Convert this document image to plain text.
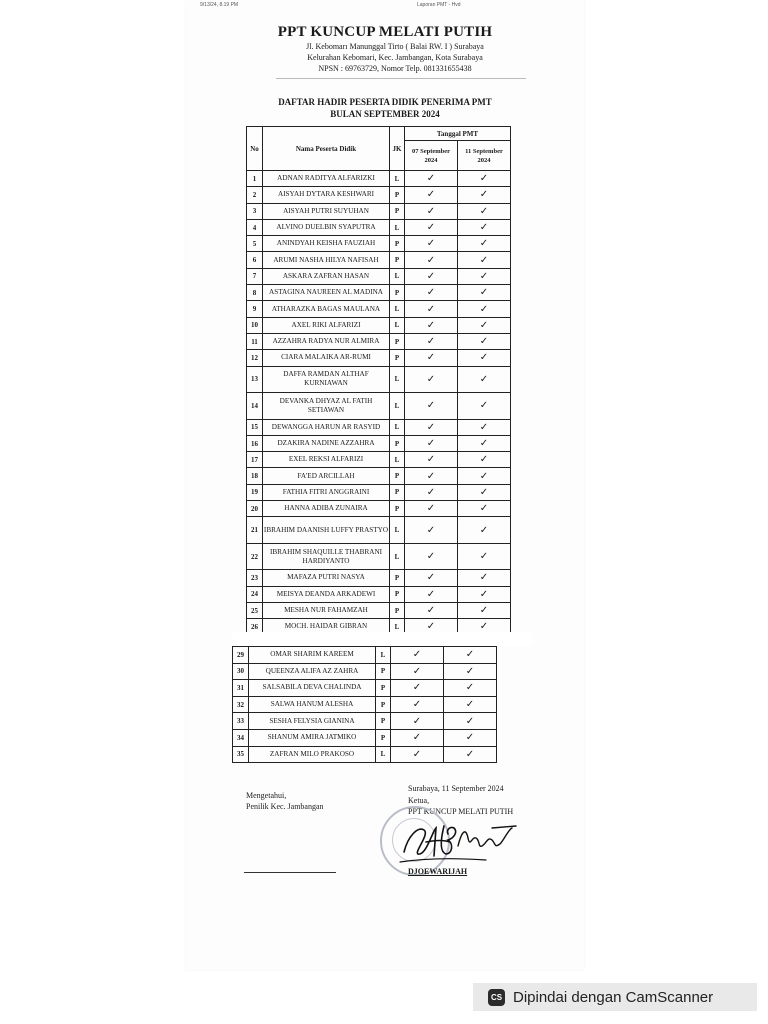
9/13/24, 8.19 PM	Laporan PMT - Hvd
PPT KUNCUP MELATI PUTIH
Jl. Kebomarı Manunggal Tirto ( Balai RW. I ) Surabaya
Kelurahan Kebomari, Kec. Jambangan, Kota Surabaya
NPSN : 69763729, Nomor Telp. 081331655438
DAFTAR HADIR PESERTA DIDIK PENERIMA PMT
BULAN SEPTEMBER 2024
No	Nama Peserta Didik	JK	Tanggal PMT	
			07 September 2024	11 September 2024
1	ADNAN RADITYA ALFARIZKI	L	✓	✓
2	AISYAH DYTARA KESHWARI	P	✓	✓
3	AISYAH PUTRI SUYUHAN	P	✓	✓
4	ALVINO DUELBIN SYAPUTRA	L	✓	✓
5	ANINDYAH KEISHA FAUZIAH	P	✓	✓
6	ARUMI NASHA HILYA NAFISAH	P	✓	✓
7	ASKARA ZAFRAN HASAN	L	✓	✓
8	ASTAGINA NAUREEN AL MADINA	P	✓	✓
9	ATHARAZKA BAGAS MAULANA	L	✓	✓
10	AXEL RIKI ALFARIZI	L	✓	✓
11	AZZAHRA RADYA NUR ALMIRA	P	✓	✓
12	CIARA MALAIKA AR-RUMI	P	✓	✓
13	DAFFA RAMDAN ALTHAF KURNIAWAN	L	✓	✓
14	DEVANKA DHYAZ AL FATIH SETIAWAN	L	✓	✓
15	DEWANGGA HARUN AR RASYID	L	✓	✓
16	DZAKIRA NADINE AZZAHRA	P	✓	✓
17	EXEL REKSI ALFARIZI	L	✓	✓
18	FA'ED ARCILLAH	P	✓	✓
19	FATHIA FITRI ANGGRAINI	P	✓	✓
20	HANNA ADIBA ZUNAIRA	P	✓	✓
21	IBRAHIM DAANISH LUFFY PRASTYO	L	✓	✓
22	IBRAHIM SHAQUILLE THABRANI HARDIYANTO	L	✓	✓
23	MAFAZA PUTRI NASYA	P	✓	✓
24	MEISYA DEANDA ARKADEWI	P	✓	✓
25	MESHA NUR FAHAMZAH	P	✓	✓
26	MOCH. HAIDAR GIBRAN	L	✓	✓
29	OMAR SHARIM KAREEM	L	✓	✓
30	QUEENZA ALIFA AZ ZAHRA	P	✓	✓
31	SALSABILA DEVA CHALINDA	P	✓	✓
32	SALWA HANUM ALESHA	P	✓	✓
33	SESHA FELYSIA GIANINA	P	✓	✓
34	SHANUM AMIRA JATMIKO	P	✓	✓
35	ZAFRAN MILO PRAKOSO	L	✓	✓
Mengetahui,
Penilik Kec. Jambangan
Surabaya, 11 September 2024
Ketua,
PPT KUNCUP MELATI PUTIH
DJOEWARIJAH
CS Dipindai dengan CamScanner
